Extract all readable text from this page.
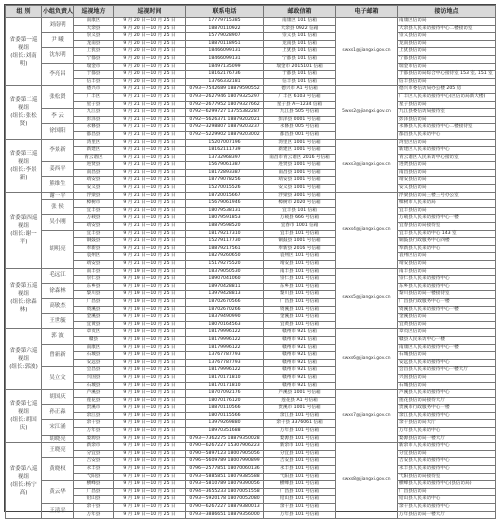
组 别	小组负责人	巡视地方	巡视时间	联系电话	邮政信箱	电子邮箱	接访地点
省委第一巡视组
(组长:刘南明)	刘南明	南康区	9 月 20 日—10 月 25 日	17779715385	南康区 101 信箱	swxs1@jiangxi.gov.cn	南康区信访局
		大余县	9 月 20 日—10 月 25 日	18870110922	大余县 0922 信箱		大余县人民来访接待中心二楼接访室
	尹 曦	崇义县	9 月 20 日—10 月 25 日	15779028907	崇义县 101 信箱		崇义县信访局
		龙南县	9 月 20 日—10 月 25 日	18870118951	龙南县 101 信箱		龙南县信访局
	沈东明	上犹县	9 月 20 日—10 月 25 日	18466099131	上犹县 101 信箱		上犹县信访局
		宁都县	9 月 20 日—10 月 25 日	18466099131	宁都县 101 信箱		宁都县信访局
	李亮昌	瑞金市	9 月 20 日—10 月 25 日	18497135099	瑞金市 2015101 信箱		瑞金市信访局
		于都县	9 月 20 日—10 月 25 日	18162176736	于都县 101 信箱		于都县信访局综合中心接待室 153 室, 151 室
		信丰县	9 月 20 日—10 月 25 日	13766332181	信丰县 101 信箱		信丰县信访局
省委第二巡视组
(组长:张松贤)	张松贤	德兴市	9 月 21 日—10 月 25 日	0793—7542689 18879590552	德兴市 A1 号信箱	5wxs2@jiangxi.gov.cn	德兴市委信访局办公楼 205 房
		广丰区	9 月 21 日—10 月 25 日	0793—2627946 18079325297	广丰区 6103 号信箱		广丰区人民来访接待中心(区信访局新大楼)
		星子县	9 月 21 日—10 月 25 日	0792—2677952 18079327662	星子县 A—1234 信箱		星子县信访局
	李 云	九江县	9 月 21 日—10 月 25 日	0792—6299727 13755382287	九江县 505 号信箱		九江县委信访局接待室
		彭泽县	9 月 21 日—10 月 25 日	0792—5626371 18879202021	彭泽县 0001 号信箱		彭泽县信访局
	徐国阳	永修县	9 月 21 日—10 月 25 日	0792—3298807 18879203237	永修县 005 号信箱		永修县人民来访接待中心二楼接待室
		都昌县	9 月 21 日—10 月 25 日	0792—5229902 18879203002	都昌县 001 号信箱		都昌县人民来访中心
省委第三巡视组
(组长:李景新)	李景新	湾里区	9 月 21 日—10 月 25 日	15207007196	湾里区 1001 号信箱	swxs3@jiangxi.gov.cn	湾里区信访局
		新建区	9 月 21 日—10 月 25 日	18162111739	新建区 1001 号信箱		新建区人民来访接待中心
		青云谱区	9 月 21 日—10 月 25 日	13732968397	南昌市青云谱区 2016 号信箱		青云谱区人民来访中心接访室
	姜西平	进贤县	9 月 21 日—10 月 25 日	15679061387	进贤县 1001 号信箱		进贤县信访局
		南昌县	9 月 21 日—10 月 25 日	18172893387	南昌县 1001 号信箱		南昌县信访局
	熊维生	靖安县	9 月 21 日—10 月 25 日	18779078256	靖安县 1001 号信箱		靖安县信访局
		安义县	9 月 21 日—10 月 25 日	15270015526	安义县 1001 号信箱		安义县信访局
省委第四巡视组
(组长:谢一平)	谢一平	浮梁县	9 月 21 日—10 月 25 日	18720015667	浮梁县 3001 号信箱	swxs4@jiangxi.gov.cn	浮梁县信访局三楼三号办公室
	张 侯	樟树市	9 月 21 日—10 月 25 日	15679061946	樟树市 2020 号信箱		樟树市人民来访局
		宜丰县	9 月 21 日—10 月 25 日	18079538131	宜丰县 101 信箱		宜丰县信访局
	吴小刚	万载县	9 月 21 日—10 月 25 日	18079591853	万载县 666 号信箱		万载县人民来访接待中心一楼
		靖安县	9 月 21 日—10 月 25 日	18879598520	宜春市 1001 信箱		宜春县信访局接待室
	胡明亮	宜丰县	9 月 21 日—10 月 25 日	18179217310	宜丰县 101 号信箱		宜丰县人民来访中心 143 室
		铜鼓县	9 月 21 日—10 月 25 日	15279117730	铜鼓县 1001 号信箱		铜鼓县行政服务中心四楼
		奉新县	9 月 21 日—10 月 25 日	18879217561	奉新县 2016 号信箱		奉新县人民来访中心
		袁州区	9 月 21 日—10 月 25 日	18279260650	袁州区 101 号信箱		袁州区信访局
		靖安县	9 月 21 日—10 月 25 日	15179275520	靖安县 101 号信箱		靖安县信访局
省委第五巡视组
(组长:徐森林)	毛远江	南丰县	9 月 19 日—10 月 25 日	18379050530	南丰县 101 号信箱	swxs5@jiangxi.gov.cn	南丰县信访局
		崇仁县	9 月 19 日—10 月 25 日	18907041060	崇仁县 101 号信箱		崇仁县人民来访接待中心
	徐森林	东乡县	9 月 19 日—10 月 25 日	18970428811	东乡县 101 号信箱		东乡县人民来访接待中心
		黎川县	9 月 19 日—10 月 25 日	13979428813	黎川县 101 号信箱		黎川县信访局一楼接待室
	高敏杰	广昌县	9 月 19 日—10 月 25 日	18702670566	广昌县 101 号信箱		广昌县行政服务中心一楼
		资溪县	9 月 19 日—10 月 25 日	18702670266	资溪县 101 号信箱		资溪县人民来访接待中心一楼
	王世毓	金溪县	9 月 19 日—10 月 25 日	18379490990	金溪县 101 号信箱		金溪县信访局
		宜黄县	9 月 19 日—10 月 25 日	18070164563	宜黄县 101 号信箱		宜黄县信访局
省委第六巡视组
(组长:郭波)	郭 波	章贡区	9 月 19 日—10 月 25 日	18179996122	赣州市 921 信箱	swxs6@jiangxi.gov.cn	章贡区信访局
		赣县	9 月 19 日—10 月 25 日	18179996122	赣州市 921 信箱		赣县人民来访中心一楼
	曾新新	南康区	9 月 19 日—10 月 25 日	18179996122	赣州市 921 信箱		南康区人民来访接待中心一楼
		石城县	9 月 19 日—10 月 25 日	13767787793	赣州市 921 信箱		石城县信访局
		安远县	9 月 19 日—10 月 25 日	13767787793	赣州市 921 信箱		安远县人民来访接待中心
	吴立文	会昌县	9 月 19 日—10 月 25 日	18179996122	赣州市 921 信箱		会昌县人民来访接待中心一楼大厅
		兴国县	9 月 19 日—10 月 25 日	18170171810	赣州市 921 信箱		兴国县信访局
		石城县	9 月 19 日—10 月 25 日	18170171810	赣州市 921 信箱		石城县信访局
省委第七巡视组
(组长:胡国庆)	胡国庆	芦溪县	9 月 19 日—10 月 25 日	18707092176	芦溪县 1001 号信箱	swxs7@jiangxi.gov.cn	芦溪县人民来访接待中心
		莲花县	9 月 19 日—10 月 25 日	18070176120	莲花县 A1 号信箱		莲花县信访局接待大厅
	孙正淼	贵溪市	9 月 19 日—10 月 25 日	18870110566	贵溪市 1001 号信箱		贵溪市行政服务中心一楼
		余江县	9 月 19 日—10 月 25 日	18070115566	余江县 101 号信箱		余江县人民来访接待中心
	宋江涌	余干县	9 月 19 日—10 月 25 日	13979269880	余干县 3376061 信箱		余干县信访局大厅
		万年县	9 月 19 日—10 月 25 日	18970351688	万年县 101 号信箱		万年县人民来访中心
	胡晓亮	婺源县	9 月 19 日—10 月 25 日	0793—7362275 18879350028	婺源县 101 号信箱		婺源县信访局一楼大厅
省委第八巡视组
(组长:杨宁高)	王晓亮	新余市	9 月 19 日—10 月 25 日	0790—6267227 15307906223	新余市 101 号信箱	swxs8@jiangxi.gov.cn	新余市人民来访接待中心
		分宜县	9 月 19 日—10 月 25 日	0790—5897123 18007905056	分宜县 101 号信箱		分宜县信访局
	黄晓权	吉安县	9 月 19 日—10 月 25 日	0796—5609789 18007990899	吉安县 101 号信箱		吉安县人民来访接待中心
		永丰县	9 月 19 日—10 月 25 日	0796—2577851 18070060136	永丰县 101 号信箱		永丰县人民来访接待中心
		弋阳县	9 月 19 日—10 月 25 日	0793—5885851 18079385588	弋阳县 101 号信箱		弋阳县信访局接待室
	黄云华	横峰县	9 月 19 日—10 月 25 日	0793—5810789 18079390056	横峰县 101 号信箱		横峰县人民来访接待中心(县信访局)
		广昌县	9 月 19 日—10 月 25 日	0794—3655233 18070051558	广昌县 101 号信箱		广昌县信访局
		铅山县	9 月 19 日—10 月 25 日	0793—5920178 18070052080	铅山县 101 号信箱		铅山县人民来访中心
	王清平	余干县	9 月 19 日—10 月 25 日	0790—6267227 18879380013	余干县 101 号信箱		余干县人民来访接待中心
		万年县	9 月 19 日—10 月 25 日	0793—3886651 18879356000	万年县 101 号信箱		万年县信访局一楼大厅
